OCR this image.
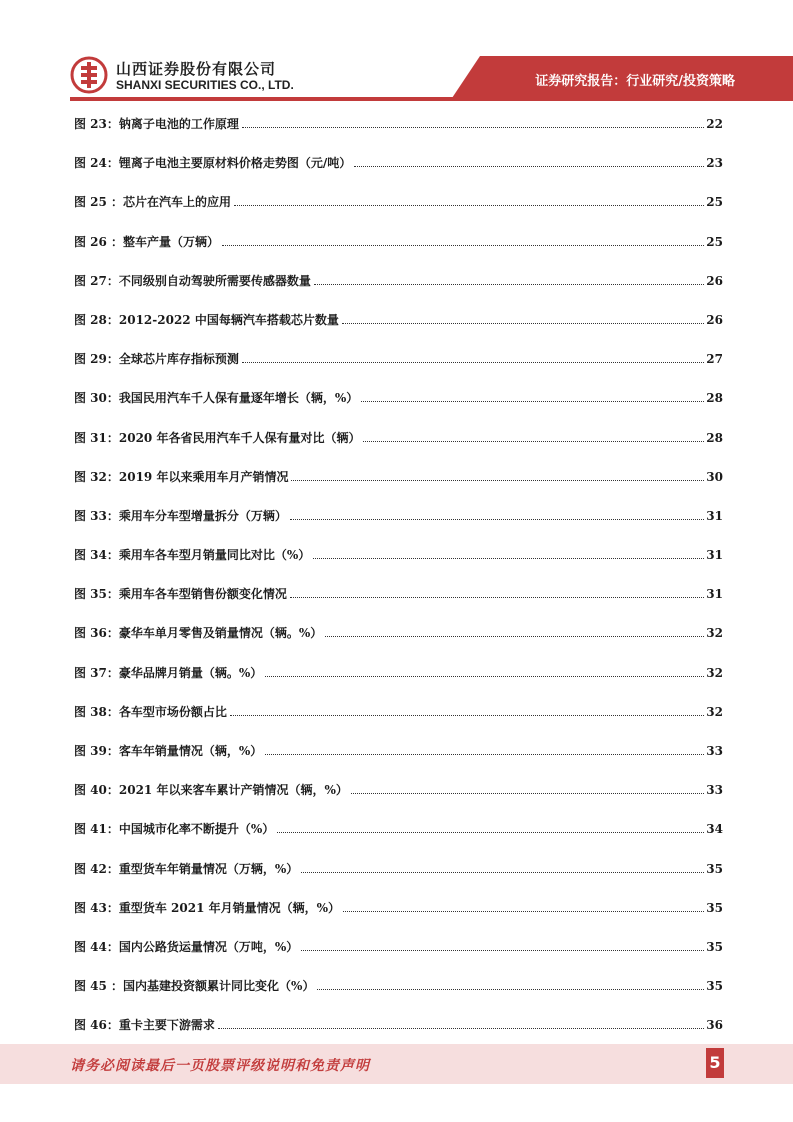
山西证券股份有限公司
SHANXI SECURITIES CO., LTD.	证券研究报告：行业研究/投资策略
图 23：钠离子电池的工作原理	22
图 24：锂离子电池主要原材料价格走势图（元/吨）	23
图 25 ：芯片在汽车上的应用	25
图 26 ：整车产量（万辆）	25
图 27：不同级别自动驾驶所需要传感器数量	26
图 28：2012-2022 中国每辆汽车搭载芯片数量	26
图 29：全球芯片库存指标预测	27
图 30：我国民用汽车千人保有量逐年增长（辆，%）	28
图 31：2020 年各省民用汽车千人保有量对比（辆）	28
图 32：2019 年以来乘用车月产销情况	30
图 33：乘用车分车型增量拆分（万辆）	31
图 34：乘用车各车型月销量同比对比（%）	31
图 35：乘用车各车型销售份额变化情况	31
图 36：豪华车单月零售及销量情况（辆。%）	32
图 37：豪华品牌月销量（辆。%）	32
图 38：各车型市场份额占比	32
图 39：客车年销量情况（辆，%）	33
图 40：2021 年以来客车累计产销情况（辆，%）	33
图 41：中国城市化率不断提升（%）	34
图 42：重型货车年销量情况（万辆，%）	35
图 43：重型货车 2021 年月销量情况（辆，%）	35
图 44：国内公路货运量情况（万吨，%）	35
图 45 ：国内基建投资额累计同比变化（%）	35
图 46：重卡主要下游需求	36
请务必阅读最后一页股票评级说明和免责声明	5
